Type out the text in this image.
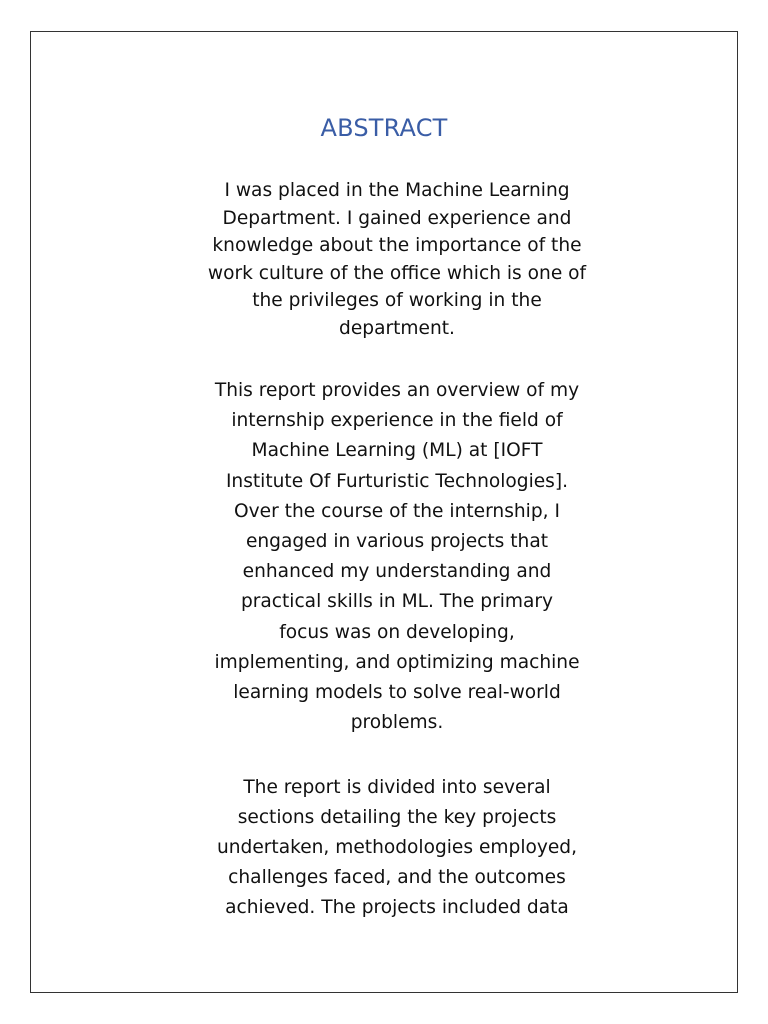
ABSTRACT
I was placed in the Machine Learning
Department. I gained experience and
knowledge about the importance of the
work culture of the office which is one of
the privileges of working in the
department.
This report provides an overview of my
internship experience in the field of
Machine Learning (ML) at [IOFT
Institute Of Furturistic Technologies].
Over the course of the internship, I
engaged in various projects that
enhanced my understanding and
practical skills in ML. The primary
focus was on developing,
implementing, and optimizing machine
learning models to solve real-world
problems.
The report is divided into several
sections detailing the key projects
undertaken, methodologies employed,
challenges faced, and the outcomes
achieved. The projects included data
